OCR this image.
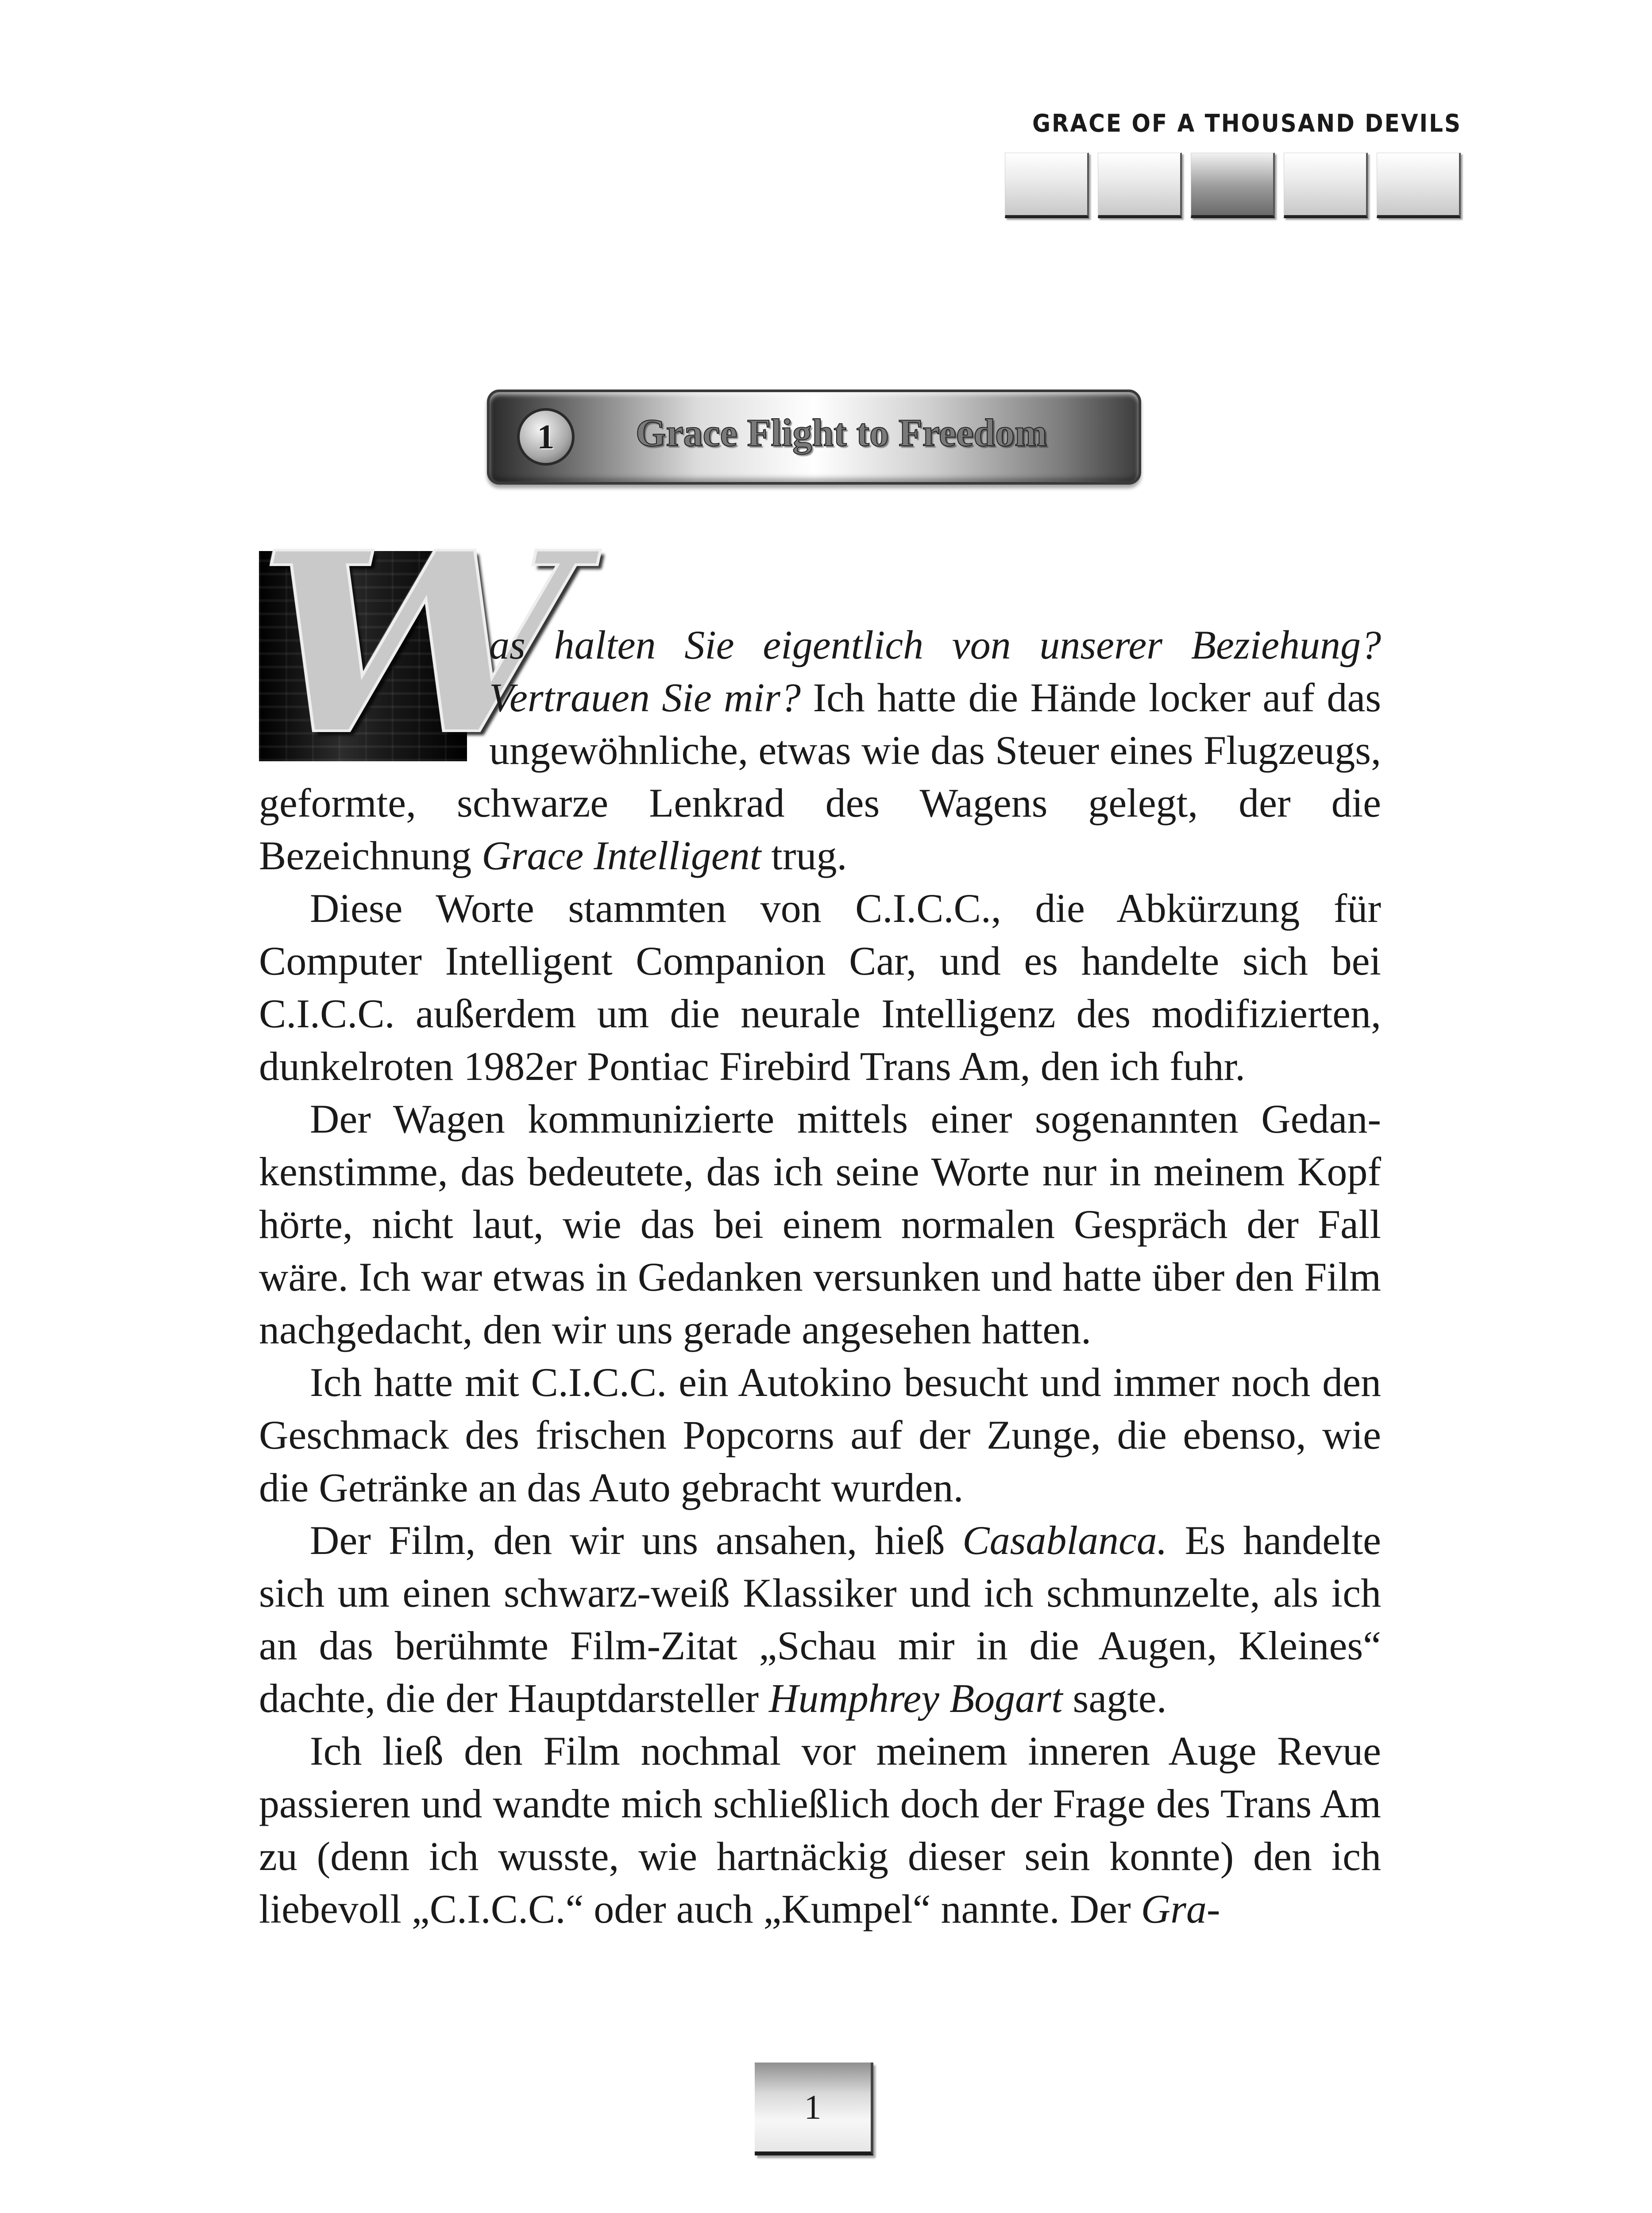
GRACE OF A THOUSAND DEVILS
1	Grace Flight to Freedom
W

as halten Sie eigentlich von unserer Beziehung? Vertrauen Sie mir? Ich hatte die Hände locker auf das ungewöhnliche, etwas wie das Steuer eines Flugzeugs, geformte, schwarze Lenkrad des Wagens gelegt, der die Bezeichnung Grace Intelligent trug.

Diese Worte stammten von C.I.C.C., die Abkürzung für Computer Intelligent Companion Car, und es handelte sich bei C.I.C.C. außerdem um die neurale Intelligenz des modifizierten, dunkelroten 1982er Pontiac Firebird Trans Am, den ich fuhr.

Der Wagen kommunizierte mittels einer sogenannten Gedankenstimme, das bedeutete, das ich seine Worte nur in meinem Kopf hörte, nicht laut, wie das bei einem normalen Gespräch der Fall wäre. Ich war etwas in Gedanken versunken und hatte über den Film nachgedacht, den wir uns gerade angesehen hatten.

Ich hatte mit C.I.C.C. ein Autokino besucht und immer noch den Geschmack des frischen Popcorns auf der Zunge, die ebenso, wie die Getränke an das Auto gebracht wurden.

Der Film, den wir uns ansahen, hieß Casablanca. Es handelte sich um einen schwarz-weiß Klassiker und ich schmunzelte, als ich an das berühmte Film-Zitat „Schau mir in die Augen, Kleines“ dachte, die der Hauptdarsteller Humphrey Bogart sagte.

Ich ließ den Film nochmal vor meinem inneren Auge Revue passieren und wandte mich schließlich doch der Frage des Trans Am zu (denn ich wusste, wie hartnäckig dieser sein konnte) den ich liebevoll „C.I.C.C.“ oder auch „Kumpel“ nannte. Der Gra-

1
